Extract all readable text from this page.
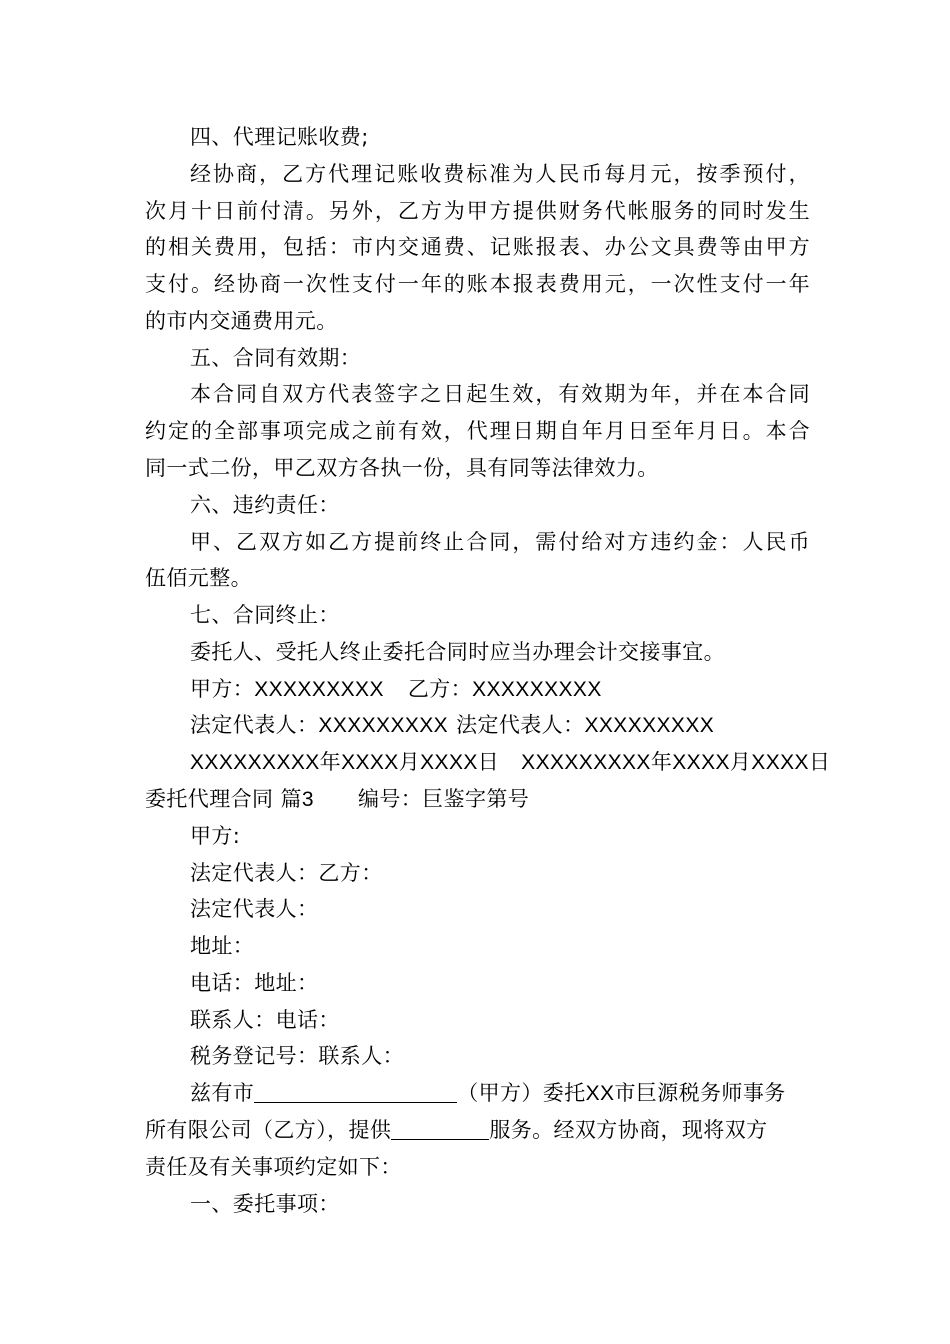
四、代理记账收费;
经协商，乙方代理记账收费标准为人民币每月元，按季预付，
次月十日前付清。另外，乙方为甲方提供财务代帐服务的同时发生
的相关费用，包括：市内交通费、记账报表、办公文具费等由甲方
支付。经协商一次性支付一年的账本报表费用元，一次性支付一年
的市内交通费用元。
五、合同有效期：
本合同自双方代表签字之日起生效，有效期为年，并在本合同
约定的全部事项完成之前有效，代理日期自年月日至年月日。本合
同一式二份，甲乙双方各执一份，具有同等法律效力。
六、违约责任：
甲、乙双方如乙方提前终止合同，需付给对方违约金：人民币
伍佰元整。
七、合同终止：
委托人、受托人终止委托合同时应当办理会计交接事宜。
甲方：XXXXXXXXX 乙方：XXXXXXXXX
法定代表人：XXXXXXXXX 法定代表人：XXXXXXXXX
XXXXXXXXX年XXXX月XXXX日 XXXXXXXXX年XXXX月XXXX日
委托代理合同 篇3 编号：巨鉴字第号
甲方:
法定代表人：乙方：
法定代表人：
地址：
电话：地址：
联系人：电话：
税务登记号：联系人：
兹有市	（甲方）委托XX市巨源税务师事务
所有限公司（乙方），提供	服务。经双方协商，现将双方
责任及有关事项约定如下：
一、委托事项：
